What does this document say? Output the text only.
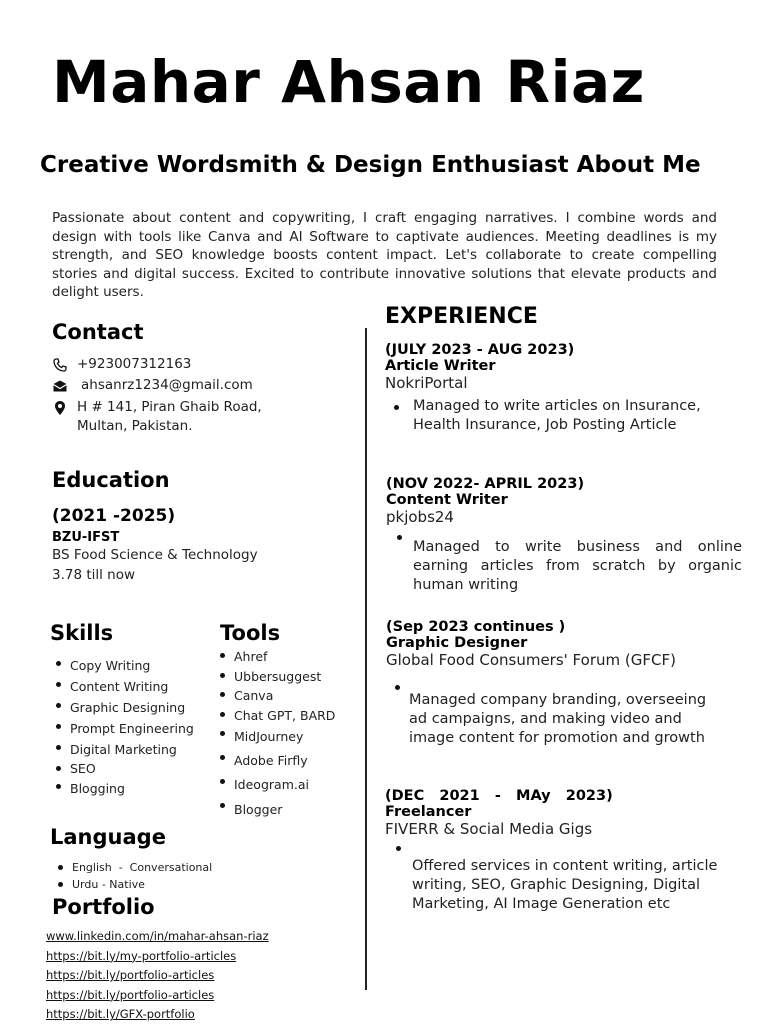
Mahar Ahsan Riaz
Creative Wordsmith & Design Enthusiast About Me

Passionate about content and copywriting, I craft engaging narratives. I combine words and design with tools like Canva and AI Software to captivate audiences. Meeting deadlines is my strength, and SEO knowledge boosts content impact. Let's collaborate to create compelling stories and digital success. Excited to contribute innovative solutions that elevate products and delight users.

Contact
+923007312163
ahsanrz1234@gmail.com
H # 141, Piran Ghaib Road,
Multan, Pakistan.
Education
(2021 -2025)
BZU-IFST
BS Food Science & Technology
3.78 till now
Skills
Copy Writing
Content Writing
Graphic Designing
Prompt Engineering
Digital Marketing
SEO
Blogging
Tools
Ahref
Ubbersuggest
Canva
Chat GPT, BARD
MidJourney
Adobe Firfly
Ideogram.ai
Blogger
Language
English  -  Conversational
Urdu - Native
Portfolio
www.linkedin.com/in/mahar-ahsan-riaz
https://bit.ly/my-portfolio-articles
https://bit.ly/portfolio-articles
https://bit.ly/portfolio-articles
https://bit.ly/GFX-portfolio
EXPERIENCE
(JULY 2023 - AUG 2023)
Article Writer
NokriPortal
Managed to write articles on Insurance, Health Insurance, Job Posting Article
(NOV 2022- APRIL 2023)
Content Writer
pkjobs24
Managed to write business and online earning articles from scratch by organic human writing
(Sep 2023 continues )
Graphic Designer
Global Food Consumers' Forum (GFCF)
Managed company branding, overseeing ad campaigns, and making video and image content for promotion and growth
(DEC   2021   -   MAy   2023)
Freelancer
FIVERR & Social Media Gigs
Offered services in content writing, article writing, SEO, Graphic Designing, Digital Marketing, AI Image Generation etc
